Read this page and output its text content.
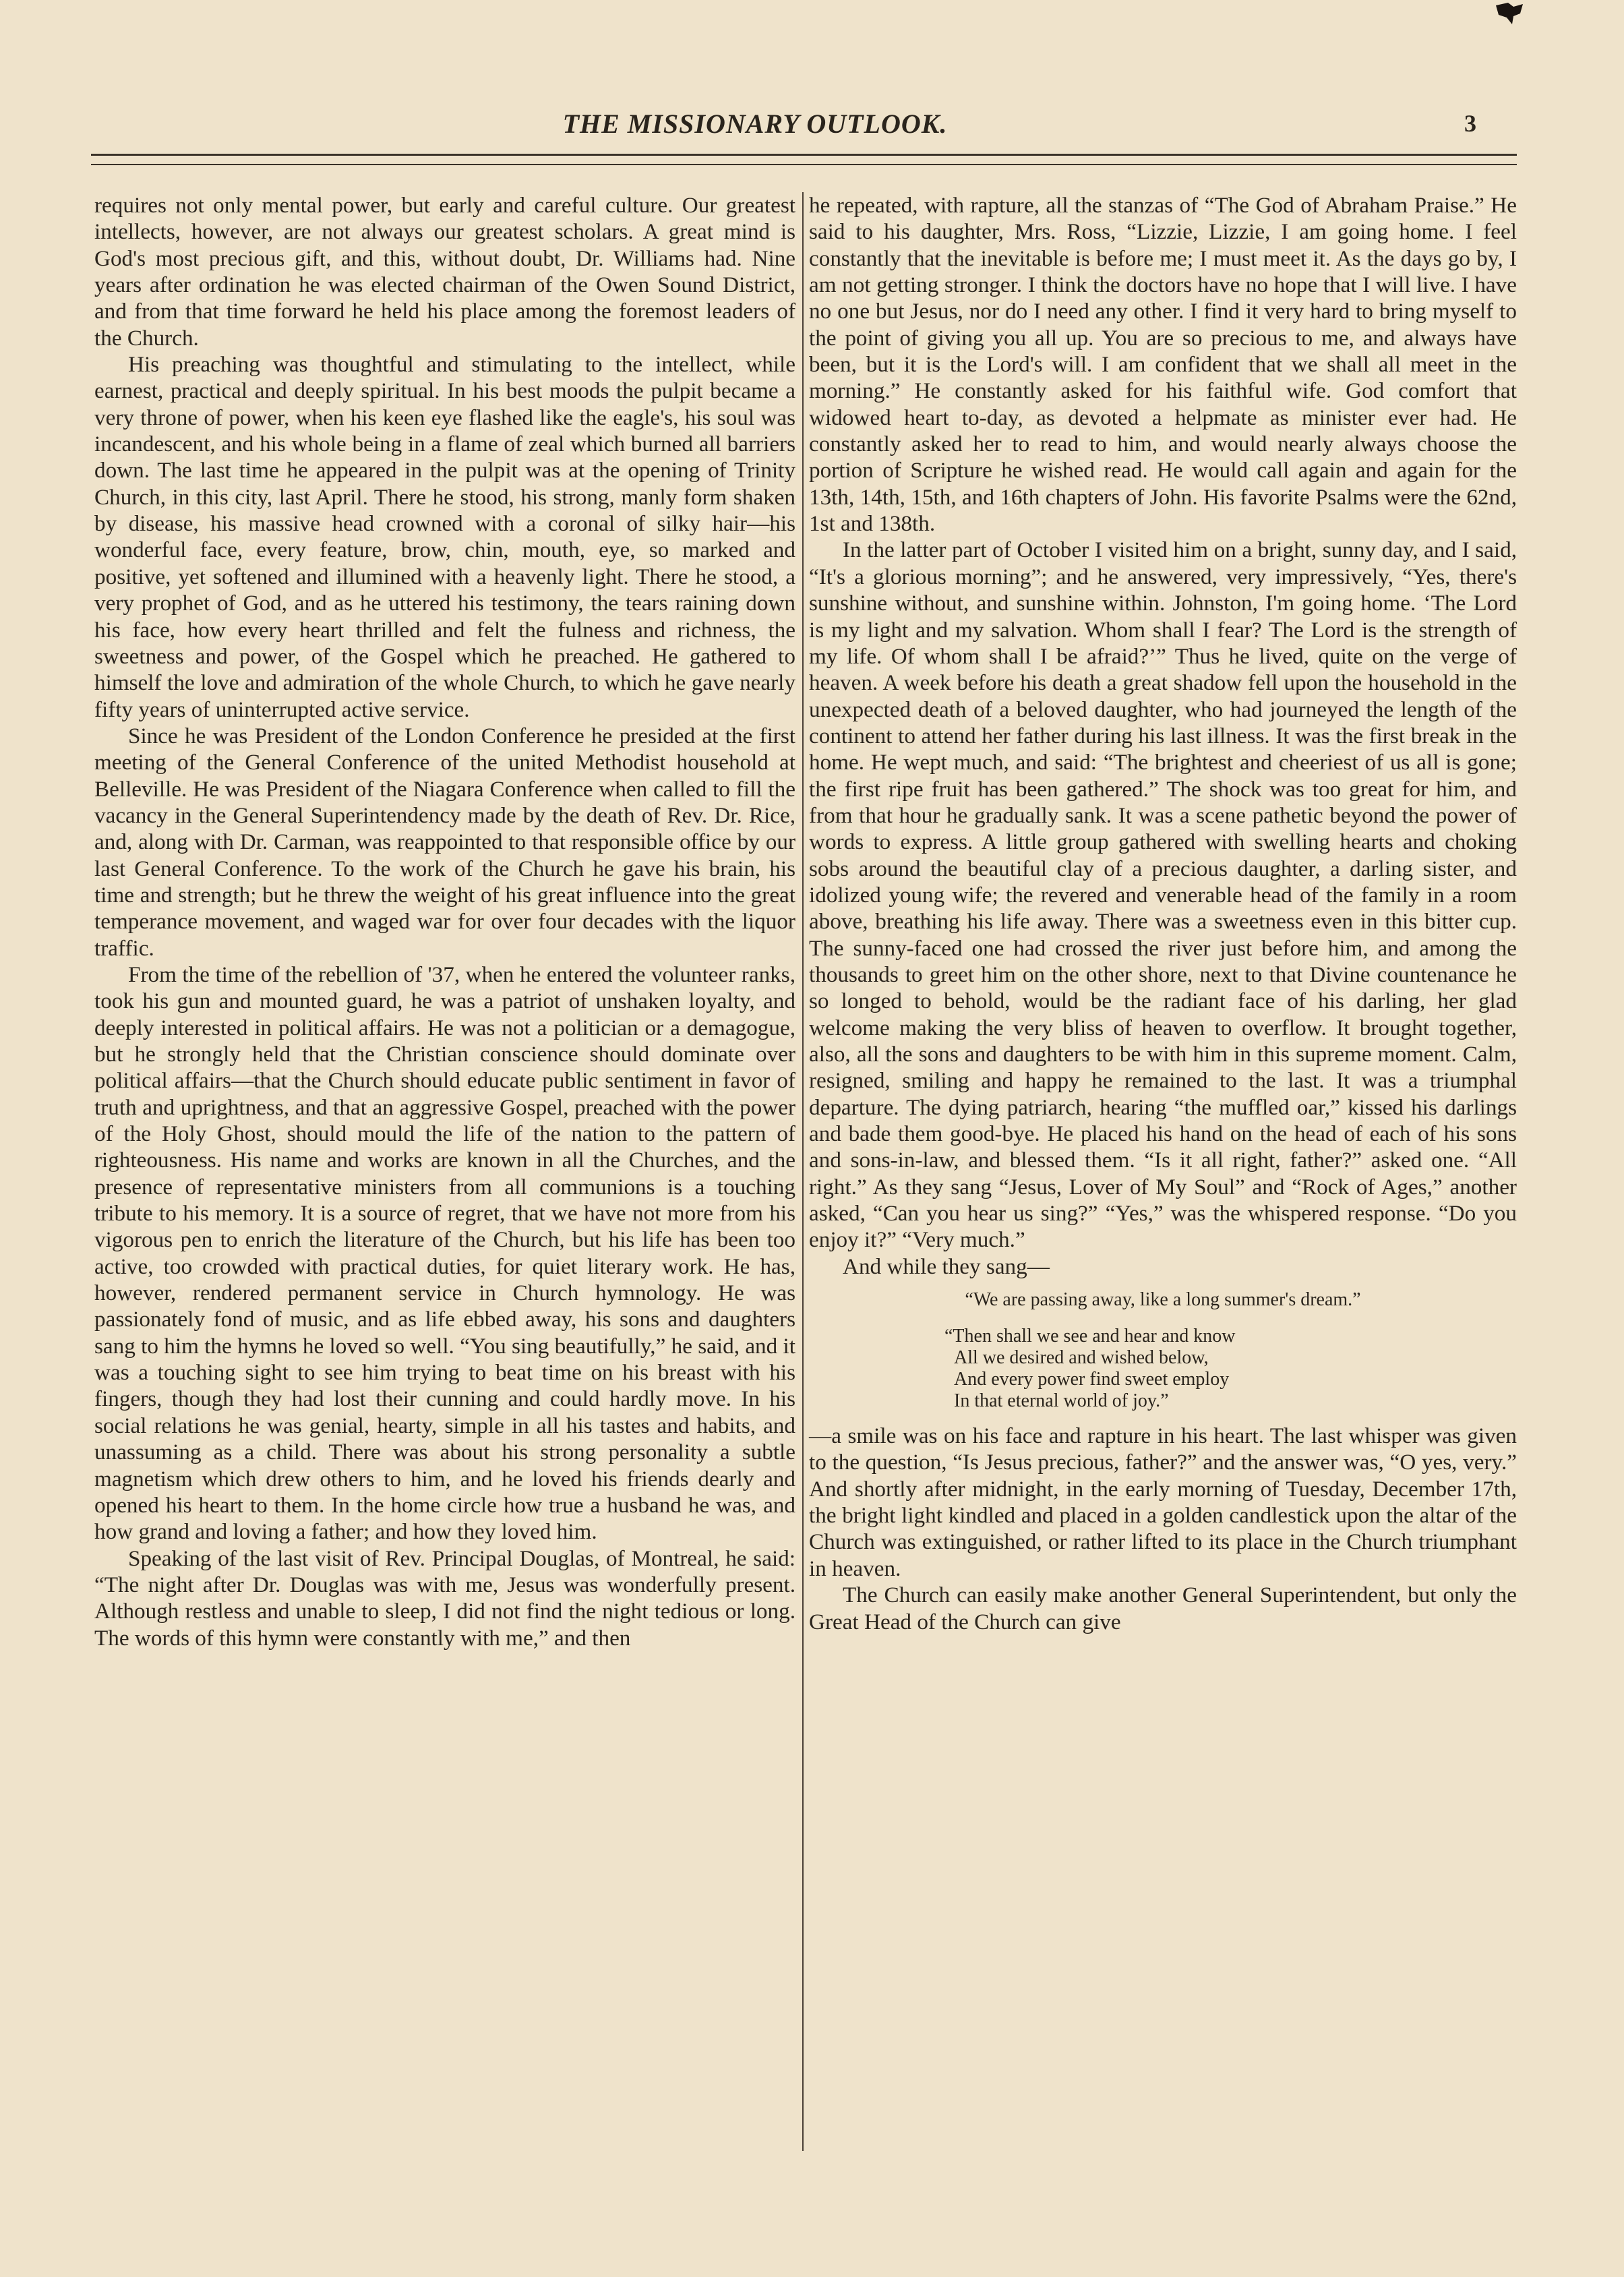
THE MISSIONARY OUTLOOK.	3

requires not only mental power, but early and careful culture. Our greatest intellects, however, are not always our greatest scholars. A great mind is God's most precious gift, and this, without doubt, Dr. Williams had. Nine years after ordination he was elected chairman of the Owen Sound District, and from that time forward he held his place among the foremost leaders of the Church.

His preaching was thoughtful and stimulating to the intellect, while earnest, practical and deeply spiritual. In his best moods the pulpit became a very throne of power, when his keen eye flashed like the eagle's, his soul was incandescent, and his whole being in a flame of zeal which burned all barriers down. The last time he appeared in the pulpit was at the opening of Trinity Church, in this city, last April. There he stood, his strong, manly form shaken by disease, his massive head crowned with a coronal of silky hair—his wonderful face, every feature, brow, chin, mouth, eye, so marked and positive, yet softened and illumined with a heavenly light. There he stood, a very prophet of God, and as he uttered his testimony, the tears raining down his face, how every heart thrilled and felt the fulness and richness, the sweetness and power, of the Gospel which he preached. He gathered to himself the love and admiration of the whole Church, to which he gave nearly fifty years of uninterrupted active service.

Since he was President of the London Conference he presided at the first meeting of the General Conference of the united Methodist household at Belleville. He was President of the Niagara Conference when called to fill the vacancy in the General Superintendency made by the death of Rev. Dr. Rice, and, along with Dr. Carman, was reappointed to that responsible office by our last General Conference. To the work of the Church he gave his brain, his time and strength; but he threw the weight of his great influence into the great temperance movement, and waged war for over four decades with the liquor traffic.

From the time of the rebellion of '37, when he entered the volunteer ranks, took his gun and mounted guard, he was a patriot of unshaken loyalty, and deeply interested in political affairs. He was not a politician or a demagogue, but he strongly held that the Christian conscience should dominate over political affairs—that the Church should educate public sentiment in favor of truth and uprightness, and that an aggressive Gospel, preached with the power of the Holy Ghost, should mould the life of the nation to the pattern of righteousness. His name and works are known in all the Churches, and the presence of representative ministers from all communions is a touching tribute to his memory. It is a source of regret, that we have not more from his vigorous pen to enrich the literature of the Church, but his life has been too active, too crowded with practical duties, for quiet literary work. He has, however, rendered permanent service in Church hymnology. He was passionately fond of music, and as life ebbed away, his sons and daughters sang to him the hymns he loved so well. “You sing beautifully,” he said, and it was a touching sight to see him trying to beat time on his breast with his fingers, though they had lost their cunning and could hardly move. In his social relations he was genial, hearty, simple in all his tastes and habits, and unassuming as a child. There was about his strong personality a subtle magnetism which drew others to him, and he loved his friends dearly and opened his heart to them. In the home circle how true a husband he was, and how grand and loving a father; and how they loved him.

Speaking of the last visit of Rev. Principal Douglas, of Montreal, he said: “The night after Dr. Douglas was with me, Jesus was wonderfully present. Although restless and unable to sleep, I did not find the night tedious or long. The words of this hymn were constantly with me,” and then

he repeated, with rapture, all the stanzas of “The God of Abraham Praise.” He said to his daughter, Mrs. Ross, “Lizzie, Lizzie, I am going home. I feel constantly that the inevitable is before me; I must meet it. As the days go by, I am not getting stronger. I think the doctors have no hope that I will live. I have no one but Jesus, nor do I need any other. I find it very hard to bring myself to the point of giving you all up. You are so precious to me, and always have been, but it is the Lord's will. I am confident that we shall all meet in the morning.” He constantly asked for his faithful wife. God comfort that widowed heart to-day, as devoted a helpmate as minister ever had. He constantly asked her to read to him, and would nearly always choose the portion of Scripture he wished read. He would call again and again for the 13th, 14th, 15th, and 16th chapters of John. His favorite Psalms were the 62nd, 1st and 138th.

In the latter part of October I visited him on a bright, sunny day, and I said, “It's a glorious morning”; and he answered, very impressively, “Yes, there's sunshine without, and sunshine within. Johnston, I'm going home. ‘The Lord is my light and my salvation. Whom shall I fear? The Lord is the strength of my life. Of whom shall I be afraid?’” Thus he lived, quite on the verge of heaven. A week before his death a great shadow fell upon the household in the unexpected death of a beloved daughter, who had journeyed the length of the continent to attend her father during his last illness. It was the first break in the home. He wept much, and said: “The brightest and cheeriest of us all is gone; the first ripe fruit has been gathered.” The shock was too great for him, and from that hour he gradually sank. It was a scene pathetic beyond the power of words to express. A little group gathered with swelling hearts and choking sobs around the beautiful clay of a precious daughter, a darling sister, and idolized young wife; the revered and venerable head of the family in a room above, breathing his life away. There was a sweetness even in this bitter cup. The sunny-faced one had crossed the river just before him, and among the thousands to greet him on the other shore, next to that Divine countenance he so longed to behold, would be the radiant face of his darling, her glad welcome making the very bliss of heaven to overflow. It brought together, also, all the sons and daughters to be with him in this supreme moment. Calm, resigned, smiling and happy he remained to the last. It was a triumphal departure. The dying patriarch, hearing “the muffled oar,” kissed his darlings and bade them good-bye. He placed his hand on the head of each of his sons and sons-in-law, and blessed them. “Is it all right, father?” asked one. “All right.” As they sang “Jesus, Lover of My Soul” and “Rock of Ages,” another asked, “Can you hear us sing?” “Yes,” was the whispered response. “Do you enjoy it?” “Very much.”

And while they sang—

“We are passing away, like a long summer's dream.”
“Then shall we see and hear and know
All we desired and wished below,
And every power find sweet employ
In that eternal world of joy.”

—a smile was on his face and rapture in his heart. The last whisper was given to the question, “Is Jesus precious, father?” and the answer was, “O yes, very.” And shortly after midnight, in the early morning of Tuesday, December 17th, the bright light kindled and placed in a golden candlestick upon the altar of the Church was extinguished, or rather lifted to its place in the Church triumphant in heaven.

The Church can easily make another General Superintendent, but only the Great Head of the Church can give
